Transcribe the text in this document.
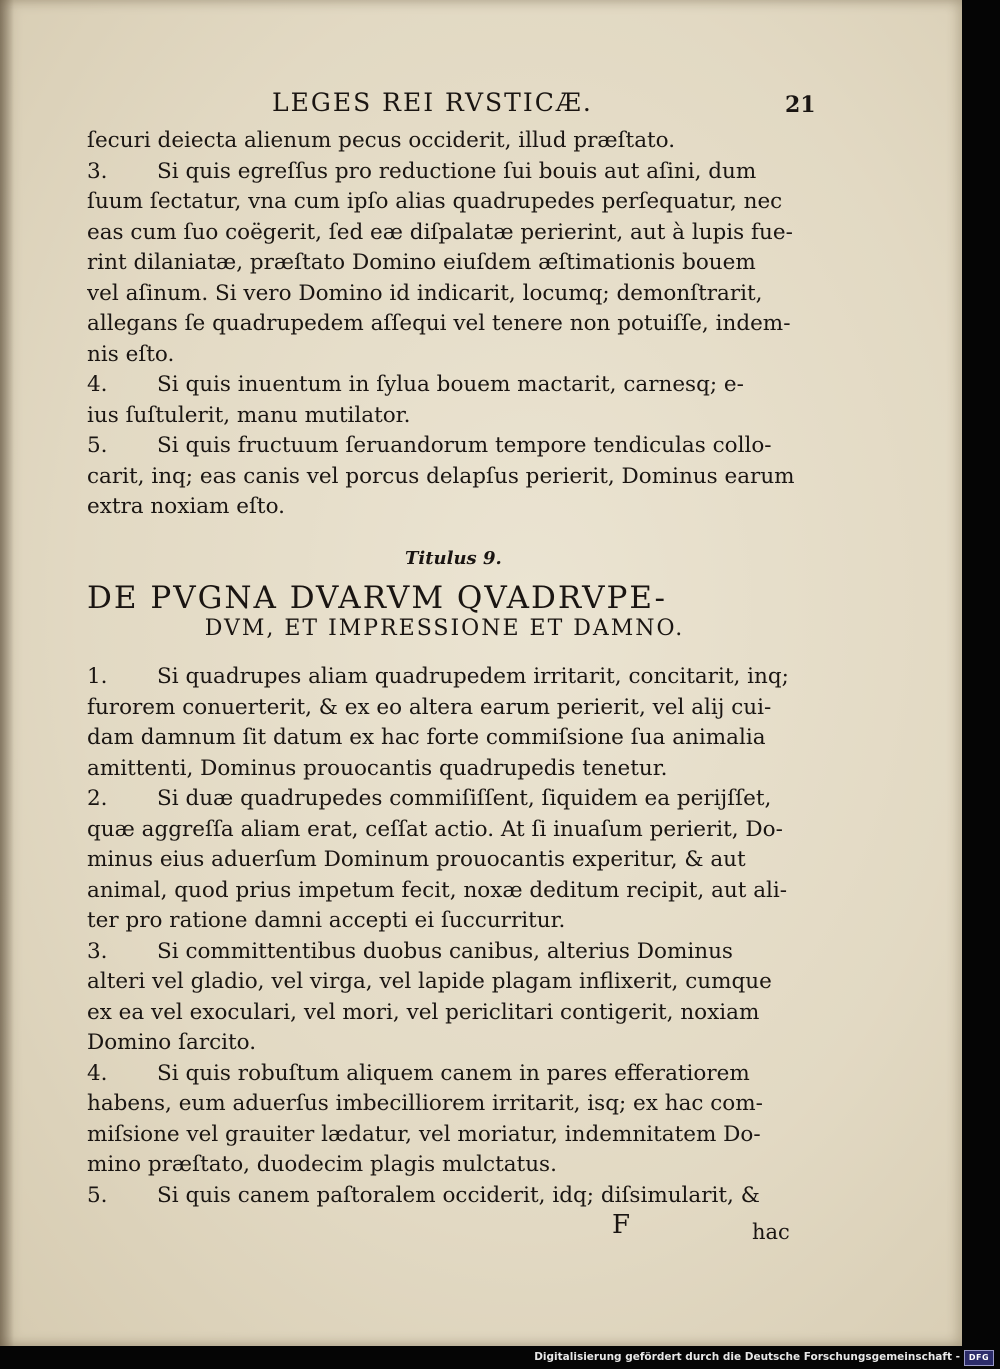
LEGES REI RVSTICÆ.	21
ſecuri deiecta alienum pecus occiderit, illud præſtato.
3. Si quis egreſſus pro reductione ſui bouis aut aſini, dum
ſuum ſectatur, vna cum ipſo alias quadrupedes perſequatur, nec
eas cum ſuo coëgerit, ſed eæ diſpalatæ perierint, aut à lupis fue-
rint dilaniatæ, præſtato Domino eiuſdem æſtimationis bouem
vel aſinum. Si vero Domino id indicarit, locumq; demonſtrarit,
allegans ſe quadrupedem aſſequi vel tenere non potuiſſe, indem-
nis eſto.
4. Si quis inuentum in ſylua bouem mactarit, carnesq; e-
ius ſuſtulerit, manu mutilator.
5. Si quis fructuum ſeruandorum tempore tendiculas collo-
carit, inq; eas canis vel porcus delapſus perierit, Dominus earum
extra noxiam eſto.
Titulus 9.
DE PVGNA DVARVM QVADRVPE-
DVM, ET IMPRESSIONE ET DAMNO.
1. Si quadrupes aliam quadrupedem irritarit, concitarit, inq;
furorem conuerterit, & ex eo altera earum perierit, vel alij cui-
dam damnum ſit datum ex hac forte commiſsione ſua animalia
amittenti, Dominus prouocantis quadrupedis tenetur.
2. Si duæ quadrupedes commiſiſſent, ſiquidem ea perijſſet,
quæ aggreſſa aliam erat, ceſſat actio. At ſi inuaſum perierit, Do-
minus eius aduerſum Dominum prouocantis experitur, & aut
animal, quod prius impetum fecit, noxæ deditum recipit, aut ali-
ter pro ratione damni accepti ei ſuccurritur.
3. Si committentibus duobus canibus, alterius Dominus
alteri vel gladio, vel virga, vel lapide plagam inflixerit, cumque
ex ea vel exoculari, vel mori, vel periclitari contigerit, noxiam
Domino ſarcito.
4. Si quis robuſtum aliquem canem in pares efferatiorem
habens, eum aduerſus imbecilliorem irritarit, isq; ex hac com-
miſsione vel grauiter lædatur, vel moriatur, indemnitatem Do-
mino præſtato, duodecim plagis mulctatus.
5. Si quis canem paſtoralem occiderit, idq; diſsimularit, &
F	hac
Digitalisierung gefördert durch die Deutsche Forschungsgemeinschaft -	DFG
